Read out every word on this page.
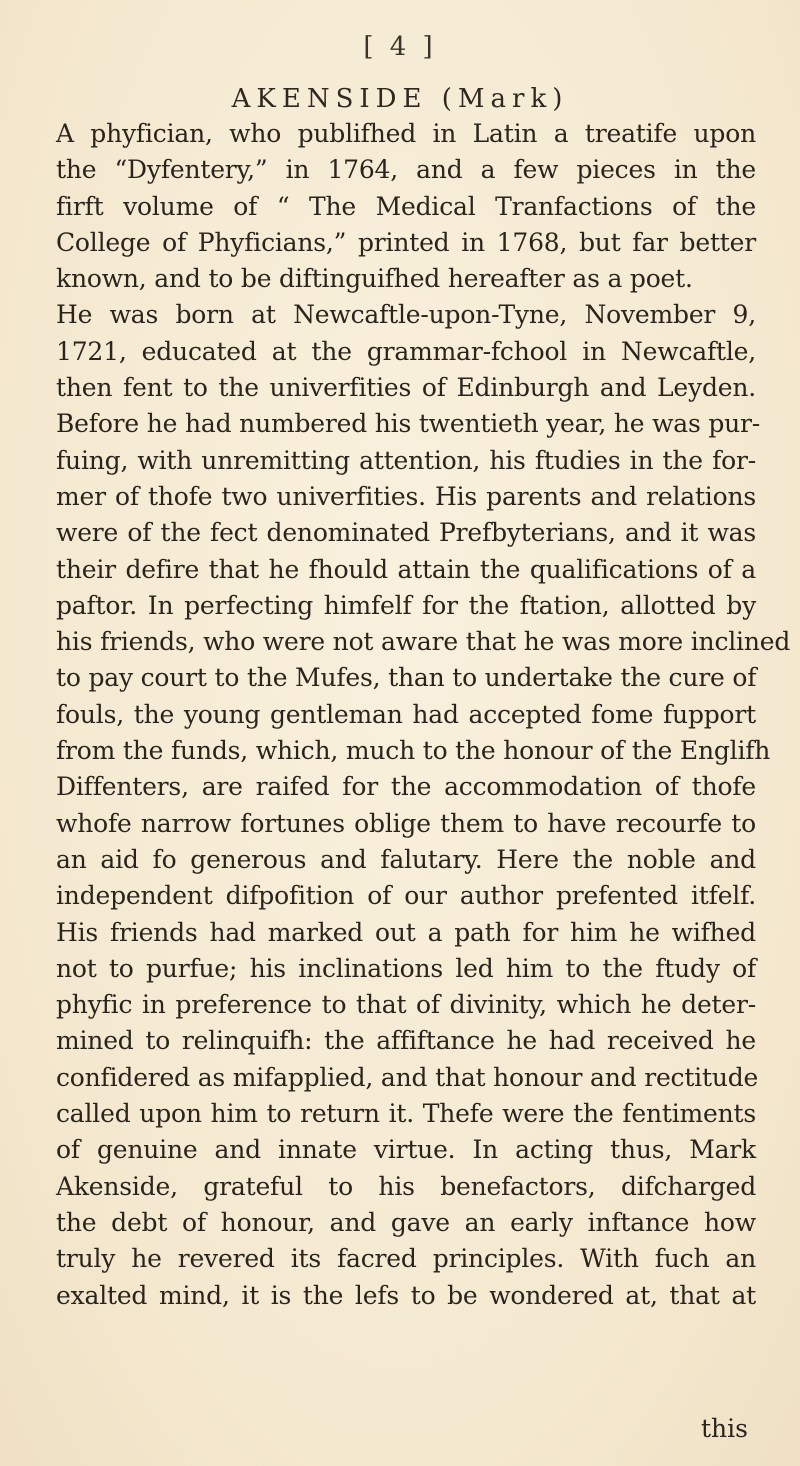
[ 4 ]
AKENSIDE (Mark)
A phyfician, who publifhed in Latin a treatife upon
the “Dyfentery,” in 1764, and a few pieces in the
firft volume of “ The Medical Tranfactions of the
College of Phyficians,” printed in 1768, but far better
known, and to be diftinguifhed hereafter as a poet.
He was born at Newcaftle-upon-Tyne, November 9,
1721, educated at the grammar-fchool in Newcaftle,
then fent to the univerfities of Edinburgh and Leyden.
Before he had numbered his twentieth year, he was pur-
fuing, with unremitting attention, his ftudies in the for-
mer of thofe two univerfities. His parents and relations
were of the fect denominated Prefbyterians, and it was
their defire that he fhould attain the qualifications of a
paftor. In perfecting himfelf for the ftation, allotted by
his friends, who were not aware that he was more inclined
to pay court to the Mufes, than to undertake the cure of
fouls, the young gentleman had accepted fome fupport
from the funds, which, much to the honour of the Englifh
Diffenters, are raifed for the accommodation of thofe
whofe narrow fortunes oblige them to have recourfe to
an aid fo generous and falutary. Here the noble and
independent difpofition of our author prefented itfelf.
His friends had marked out a path for him he wifhed
not to purfue; his inclinations led him to the ftudy of
phyfic in preference to that of divinity, which he deter-
mined to relinquifh: the affiftance he had received he
confidered as mifapplied, and that honour and rectitude
called upon him to return it. Thefe were the fentiments
of genuine and innate virtue. In acting thus, Mark
Akenside, grateful to his benefactors, difcharged
the debt of honour, and gave an early inftance how
truly he revered its facred principles. With fuch an
exalted mind, it is the lefs to be wondered at, that at
this
